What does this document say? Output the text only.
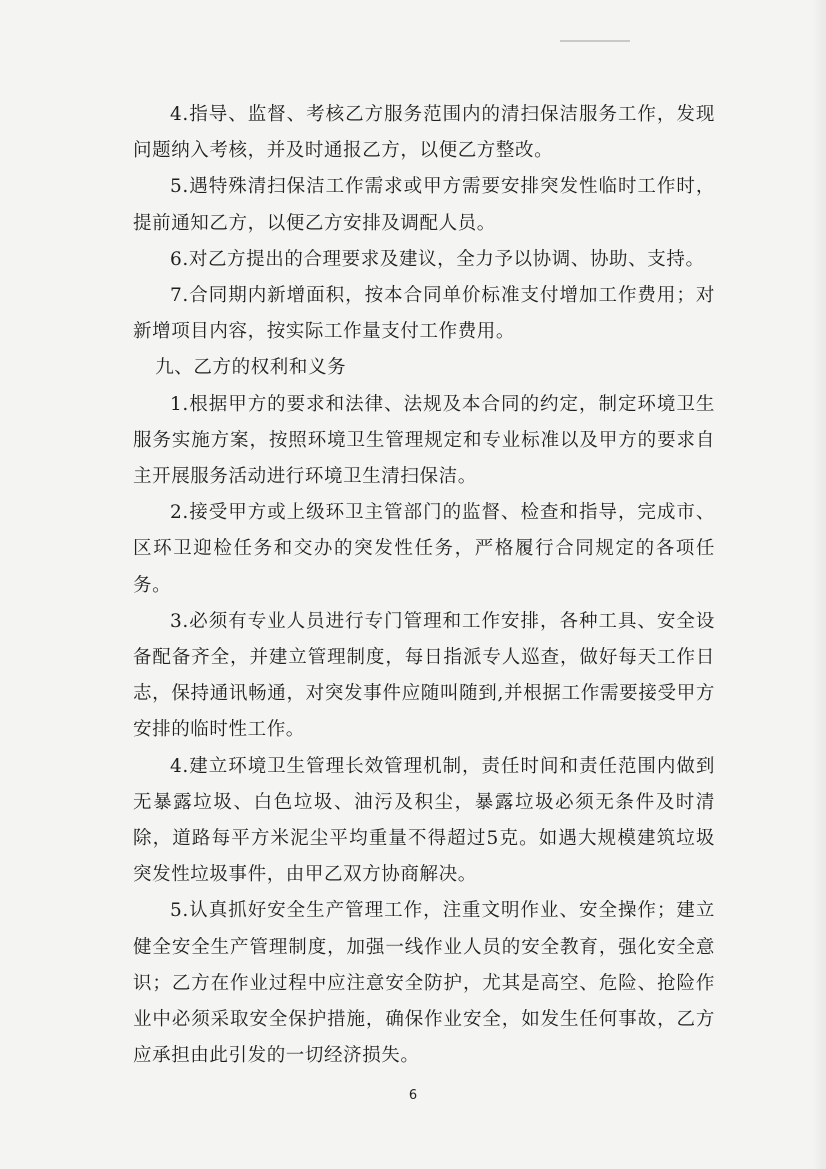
4.指导、监督、考核乙方服务范围内的清扫保洁服务工作，发现问题纳入考核，并及时通报乙方，以便乙方整改。

5.遇特殊清扫保洁工作需求或甲方需要安排突发性临时工作时，提前通知乙方，以便乙方安排及调配人员。

6.对乙方提出的合理要求及建议，全力予以协调、协助、支持。

7.合同期内新增面积，按本合同单价标准支付增加工作费用；对新增项目内容，按实际工作量支付工作费用。

九、乙方的权利和义务

1.根据甲方的要求和法律、法规及本合同的约定，制定环境卫生服务实施方案，按照环境卫生管理规定和专业标准以及甲方的要求自主开展服务活动进行环境卫生清扫保洁。

2.接受甲方或上级环卫主管部门的监督、检查和指导，完成市、区环卫迎检任务和交办的突发性任务，严格履行合同规定的各项任务。

3.必须有专业人员进行专门管理和工作安排，各种工具、安全设备配备齐全，并建立管理制度，每日指派专人巡查，做好每天工作日志，保持通讯畅通，对突发事件应随叫随到,并根据工作需要接受甲方安排的临时性工作。

4.建立环境卫生管理长效管理机制，责任时间和责任范围内做到无暴露垃圾、白色垃圾、油污及积尘，暴露垃圾必须无条件及时清除，道路每平方米泥尘平均重量不得超过5克。如遇大规模建筑垃圾突发性垃圾事件，由甲乙双方协商解决。

5.认真抓好安全生产管理工作，注重文明作业、安全操作；建立健全安全生产管理制度，加强一线作业人员的安全教育，强化安全意识；乙方在作业过程中应注意安全防护，尤其是高空、危险、抢险作业中必须采取安全保护措施，确保作业安全，如发生任何事故，乙方应承担由此引发的一切经济损失。

6
